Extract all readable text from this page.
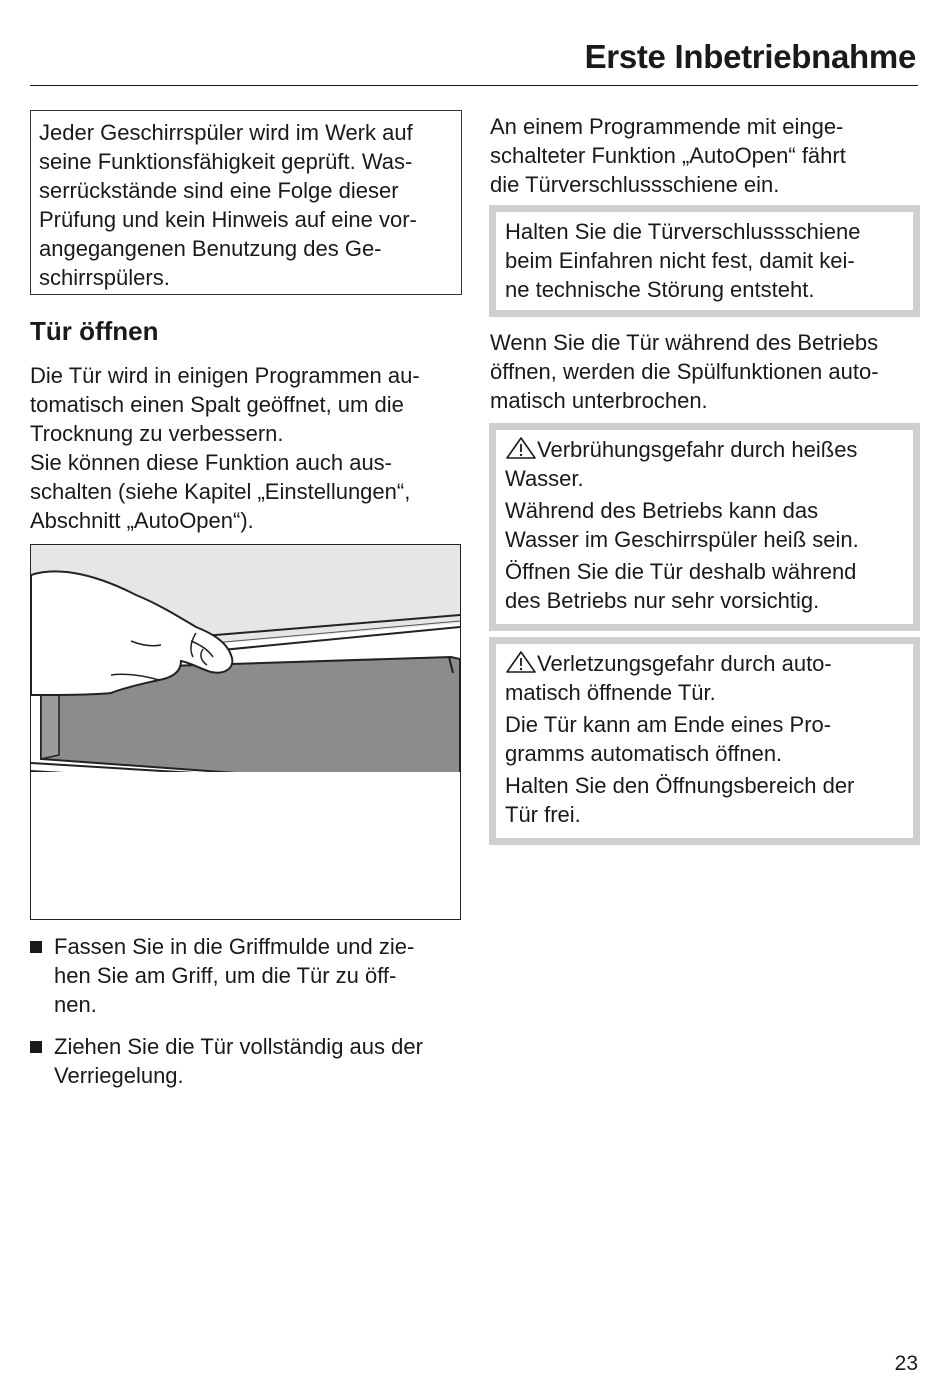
Erste Inbetriebnahme
Jeder Geschirrspüler wird im Werk auf
seine Funktionsfähigkeit geprüft. Was-
serrückstände sind eine Folge dieser
Prüfung und kein Hinweis auf eine vor-
angegangenen Benutzung des Ge-
schirrspülers.
Tür öffnen
Die Tür wird in einigen Programmen au-
tomatisch einen Spalt geöffnet, um die
Trocknung zu verbessern.
Sie können diese Funktion auch aus-
schalten (siehe Kapitel „Einstellungen“,
Abschnitt „AutoOpen“).
Fassen Sie in die Griffmulde und zie-
hen Sie am Griff, um die Tür zu öff-
nen.
Ziehen Sie die Tür vollständig aus der
Verriegelung.
An einem Programmende mit einge-
schalteter Funktion „AutoOpen“ fährt
die Türverschlussschiene ein.
Halten Sie die Türverschlussschiene
beim Einfahren nicht fest, damit kei-
ne technische Störung entsteht.
Wenn Sie die Tür während des Betriebs
öffnen, werden die Spülfunktionen auto-
matisch unterbrochen.
Verbrühungsgefahr durch heißes
Wasser.
Während des Betriebs kann das
Wasser im Geschirrspüler heiß sein.
Öffnen Sie die Tür deshalb während
des Betriebs nur sehr vorsichtig.
Verletzungsgefahr durch auto-
matisch öffnende Tür.
Die Tür kann am Ende eines Pro-
gramms automatisch öffnen.
Halten Sie den Öffnungsbereich der
Tür frei.
23
